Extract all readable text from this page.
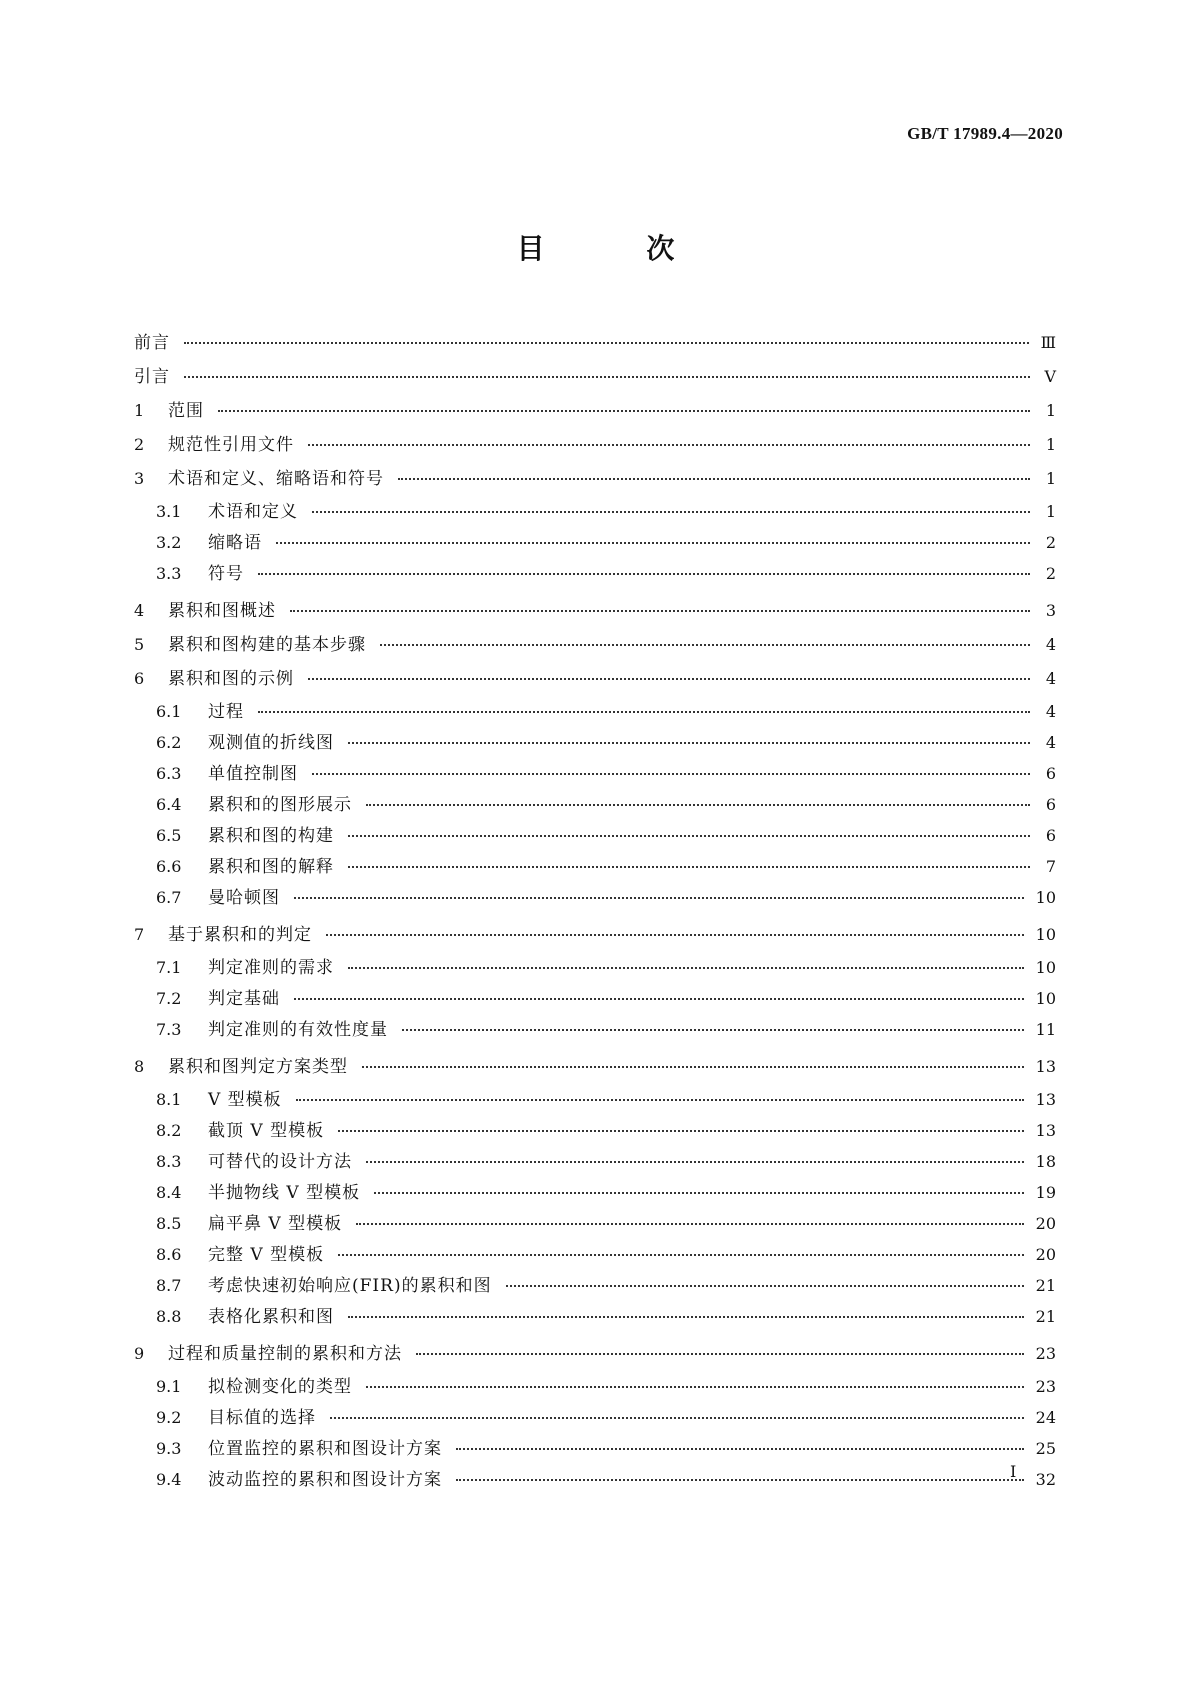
GB/T 17989.4—2020
目 次
前言	Ⅲ
引言	Ⅴ
1	范围	1
2	规范性引用文件	1
3	术语和定义、缩略语和符号	1
3.1	术语和定义	1
3.2	缩略语	2
3.3	符号	2
4	累积和图概述	3
5	累积和图构建的基本步骤	4
6	累积和图的示例	4
6.1	过程	4
6.2	观测值的折线图	4
6.3	单值控制图	6
6.4	累积和的图形展示	6
6.5	累积和图的构建	6
6.6	累积和图的解释	7
6.7	曼哈顿图	10
7	基于累积和的判定	10
7.1	判定准则的需求	10
7.2	判定基础	10
7.3	判定准则的有效性度量	11
8	累积和图判定方案类型	13
8.1	V 型模板	13
8.2	截顶 V 型模板	13
8.3	可替代的设计方法	18
8.4	半抛物线 V 型模板	19
8.5	扁平鼻 V 型模板	20
8.6	完整 V 型模板	20
8.7	考虑快速初始响应(FIR)的累积和图	21
8.8	表格化累积和图	21
9	过程和质量控制的累积和方法	23
9.1	拟检测变化的类型	23
9.2	目标值的选择	24
9.3	位置监控的累积和图设计方案	25
9.4	波动监控的累积和图设计方案	32
I
